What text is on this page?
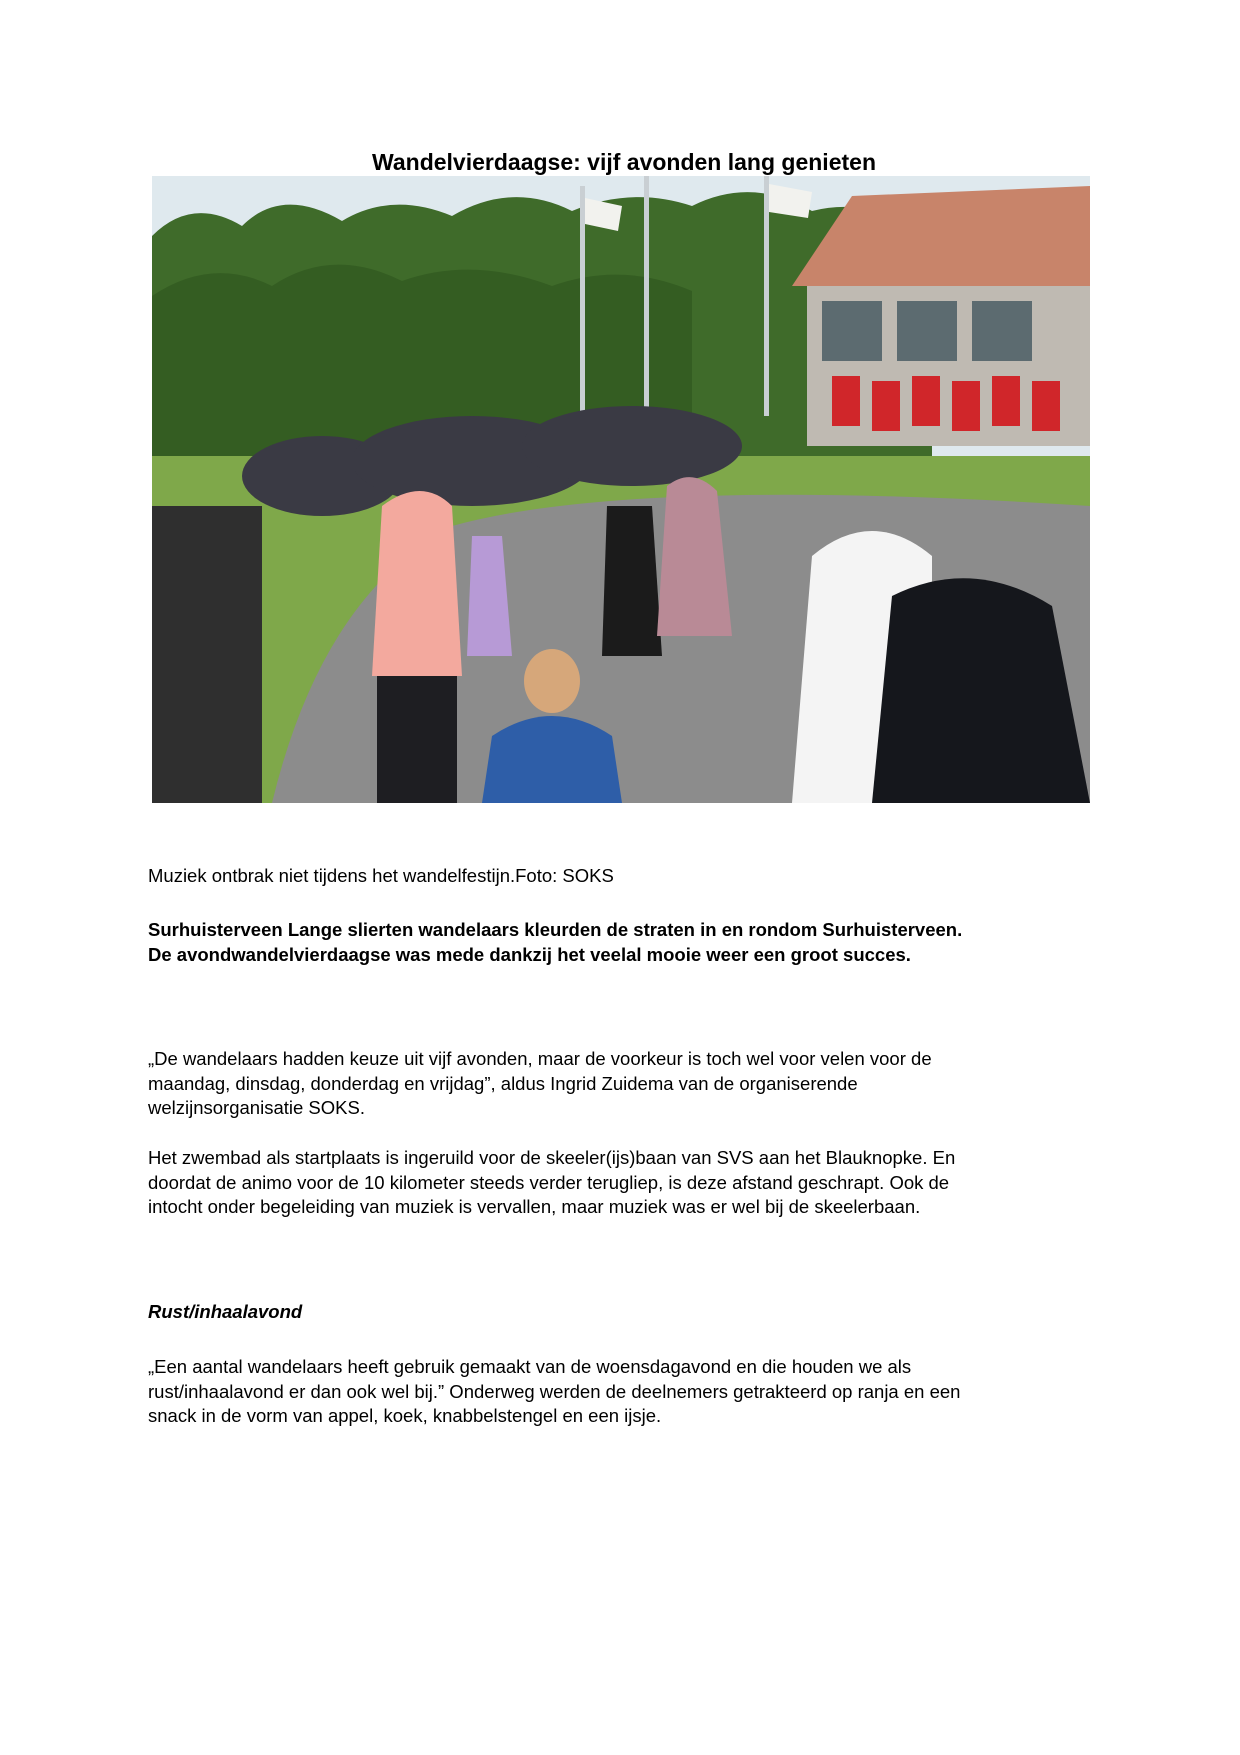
Wandelvierdaagse: vijf avonden lang genieten
Muziek ontbrak niet tijdens het wandelfestijn.Foto: SOKS
Surhuisterveen Lange slierten wandelaars kleurden de straten in en rondom Surhuisterveen.
De avondwandelvierdaagse was mede dankzij het veelal mooie weer een groot succes.
„De wandelaars hadden keuze uit vijf avonden, maar de voorkeur is toch wel voor velen voor de
maandag, dinsdag, donderdag en vrijdag”, aldus Ingrid Zuidema van de organiserende
welzijnsorganisatie SOKS.
Het zwembad als startplaats is ingeruild voor de skeeler(ijs)baan van SVS aan het Blauknopke. En
doordat de animo voor de 10 kilometer steeds verder terugliep, is deze afstand geschrapt. Ook de
intocht onder begeleiding van muziek is vervallen, maar muziek was er wel bij de skeelerbaan.
Rust/inhaalavond
„Een aantal wandelaars heeft gebruik gemaakt van de woensdagavond en die houden we als
rust/inhaalavond er dan ook wel bij.” Onderweg werden de deelnemers getrakteerd op ranja en een
snack in de vorm van appel, koek, knabbelstengel en een ijsje.
